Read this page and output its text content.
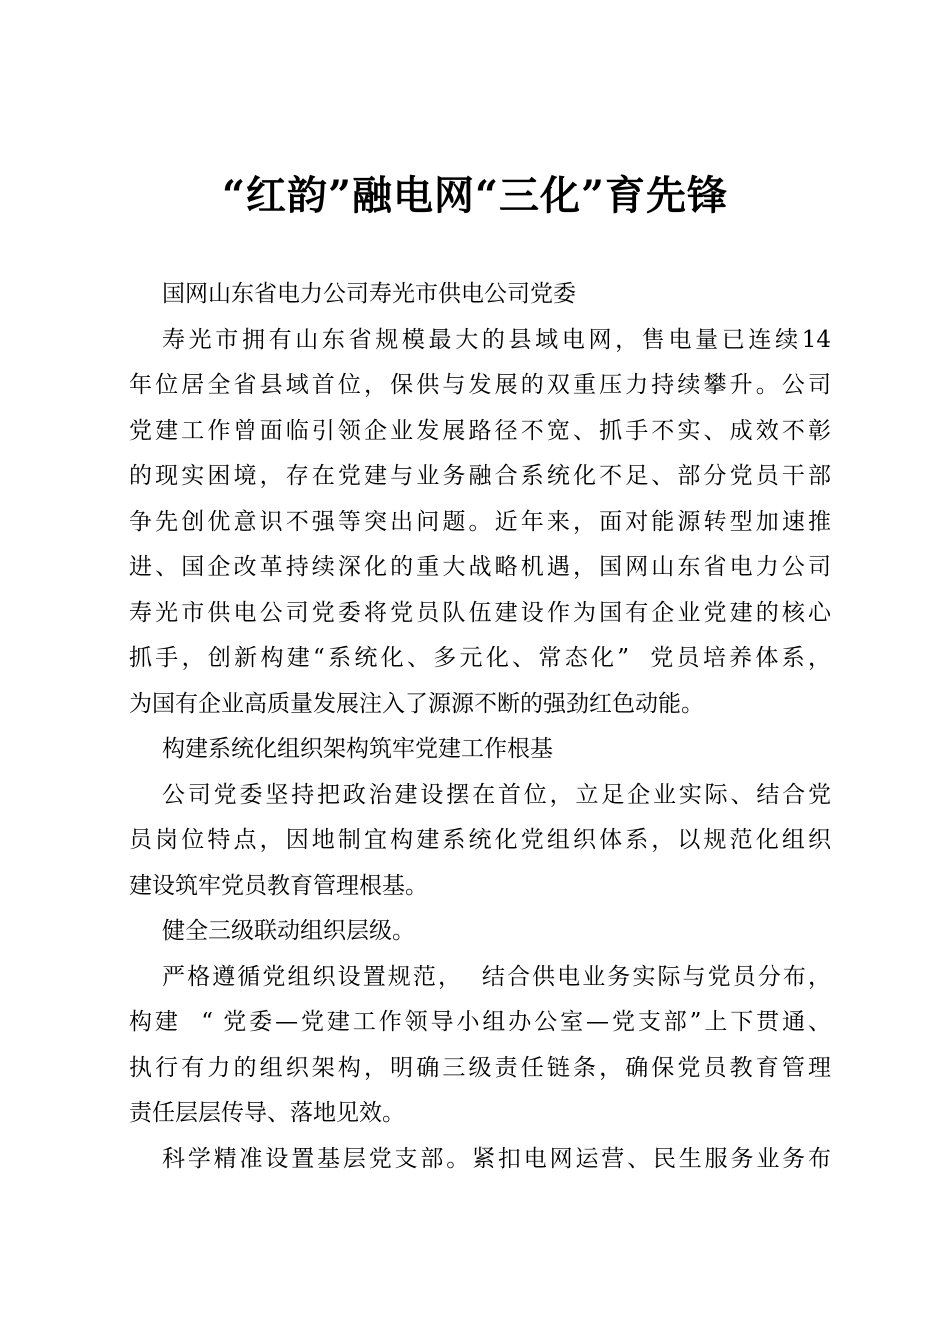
“红韵”融电网“三化”育先锋
国网山东省电力公司寿光市供电公司党委
寿光市拥有山东省规模最大的县域电网，售电量已连续14
年位居全省县域首位，保供与发展的双重压力持续攀升。公司
党建工作曾面临引领企业发展路径不宽、抓手不实、成效不彰
的现实困境，存在党建与业务融合系统化不足、部分党员干部
争先创优意识不强等突出问题。近年来，面对能源转型加速推
进、国企改革持续深化的重大战略机遇，国网山东省电力公司
寿光市供电公司党委将党员队伍建设作为国有企业党建的核心
抓手，创新构建“系统化、多元化、常态化”  党员培养体系，
为国有企业高质量发展注入了源源不断的强劲红色动能。
构建系统化组织架构筑牢党建工作根基
公司党委坚持把政治建设摆在首位，立足企业实际、结合党
员岗位特点，因地制宜构建系统化党组织体系，以规范化组织
建设筑牢党员教育管理根基。
健全三级联动组织层级。
严格遵循党组织设置规范，  结合供电业务实际与党员分布，
构建  “ 党委—党建工作领导小组办公室—党支部”上下贯通、
执行有力的组织架构，明确三级责任链条，确保党员教育管理
责任层层传导、落地见效。
科学精准设置基层党支部。紧扣电网运营、民生服务业务布
